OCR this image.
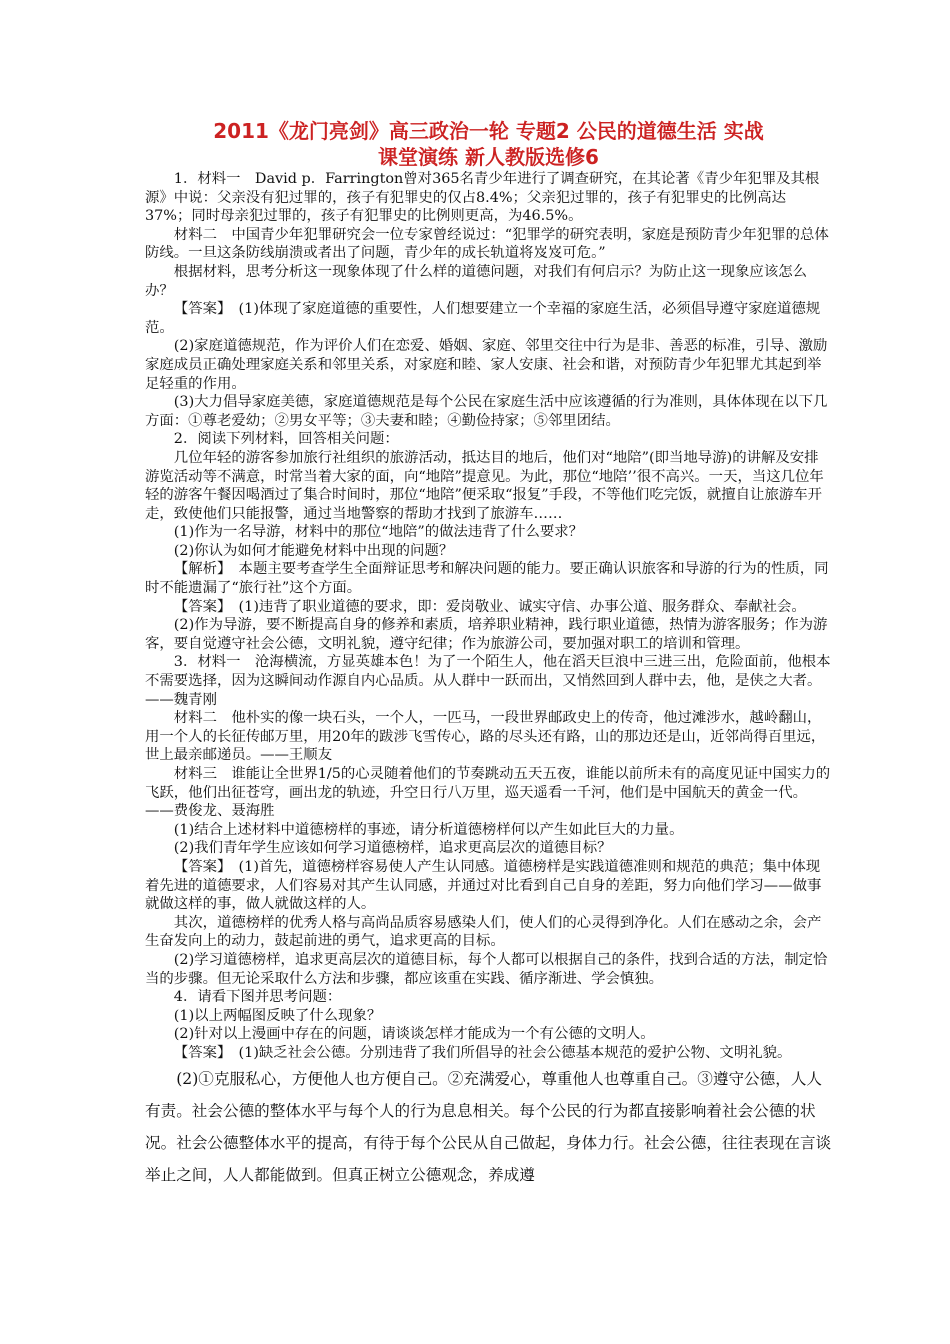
2011《龙门亮剑》高三政治一轮 专题2 公民的道德生活 实战
课堂演练 新人教版选修6

1．材料一　David p．Farrington曾对365名青少年进行了调查研究，在其论著《青少年犯罪及其根源》中说：父亲没有犯过罪的，孩子有犯罪史的仅占8.4%；父亲犯过罪的，孩子有犯罪史的比例高达37%；同时母亲犯过罪的，孩子有犯罪史的比例则更高，为46.5%。

材料二　中国青少年犯罪研究会一位专家曾经说过：“犯罪学的研究表明，家庭是预防青少年犯罪的总体防线。一旦这条防线崩溃或者出了问题，青少年的成长轨道将岌岌可危。”

根据材料，思考分析这一现象体现了什么样的道德问题，对我们有何启示？为防止这一现象应该怎么办？

【答案】　(1)体现了家庭道德的重要性，人们想要建立一个幸福的家庭生活，必须倡导遵守家庭道德规范。

(2)家庭道德规范，作为评价人们在恋爱、婚姻、家庭、邻里交往中行为是非、善恶的标准，引导、激励家庭成员正确处理家庭关系和邻里关系，对家庭和睦、家人安康、社会和谐，对预防青少年犯罪尤其起到举足轻重的作用。

(3)大力倡导家庭美德，家庭道德规范是每个公民在家庭生活中应该遵循的行为准则，具体体现在以下几方面：①尊老爱幼；②男女平等；③夫妻和睦；④勤俭持家；⑤邻里团结。

2．阅读下列材料，回答相关问题：

几位年轻的游客参加旅行社组织的旅游活动，抵达目的地后，他们对“地陪”(即当地导游)的讲解及安排游览活动等不满意，时常当着大家的面，向“地陪”提意见。为此，那位“地陪’’很不高兴。一天，当这几位年轻的游客午餐因喝酒过了集合时间时，那位“地陪”便采取“报复”手段，不等他们吃完饭，就擅自让旅游车开走，致使他们只能报警，通过当地警察的帮助才找到了旅游车……

(1)作为一名导游，材料中的那位“地陪”的做法违背了什么要求？

(2)你认为如何才能避免材料中出现的问题？

【解析】　本题主要考查学生全面辩证思考和解决问题的能力。要正确认识旅客和导游的行为的性质，同时不能遗漏了“旅行社”这个方面。

【答案】　(1)违背了职业道德的要求，即：爱岗敬业、诚实守信、办事公道、服务群众、奉献社会。

(2)作为导游，要不断提高自身的修养和素质，培养职业精神，践行职业道德，热情为游客服务；作为游客，要自觉遵守社会公德，文明礼貌，遵守纪律；作为旅游公司，要加强对职工的培训和管理。

3．材料一　沧海横流，方显英雄本色！为了一个陌生人，他在滔天巨浪中三进三出，危险面前，他根本不需要选择，因为这瞬间动作源自内心品质。从人群中一跃而出，又悄然回到人群中去，他，是侠之大者。——魏青刚

材料二　他朴实的像一块石头，一个人，一匹马，一段世界邮政史上的传奇，他过滩涉水，越岭翻山，用一个人的长征传邮万里，用20年的跋涉飞雪传心，路的尽头还有路，山的那边还是山，近邻尚得百里远，世上最亲邮递员。——王顺友

材料三　谁能让全世界1/5的心灵随着他们的节奏跳动五天五夜，谁能以前所未有的高度见证中国实力的飞跃，他们出征苍穹，画出龙的轨迹，升空日行八万里，巡天遥看一千河，他们是中国航天的黄金一代。——费俊龙、聂海胜

(1)结合上述材料中道德榜样的事迹，请分析道德榜样何以产生如此巨大的力量。

(2)我们青年学生应该如何学习道德榜样，追求更高层次的道德目标？

【答案】　(1)首先，道德榜样容易使人产生认同感。道德榜样是实践道德准则和规范的典范；集中体现着先进的道德要求，人们容易对其产生认同感，并通过对比看到自己自身的差距，努力向他们学习——做事就做这样的事，做人就做这样的人。

其次，道德榜样的优秀人格与高尚品质容易感染人们，使人们的心灵得到净化。人们在感动之余，会产生奋发向上的动力，鼓起前进的勇气，追求更高的目标。

(2)学习道德榜样，追求更高层次的道德目标，每个人都可以根据自己的条件，找到合适的方法，制定恰当的步骤。但无论采取什么方法和步骤，都应该重在实践、循序渐进、学会慎独。

4．请看下图并思考问题：

(1)以上两幅图反映了什么现象？

(2)针对以上漫画中存在的问题，请谈谈怎样才能成为一个有公德的文明人。

【答案】　(1)缺乏社会公德。分别违背了我们所倡导的社会公德基本规范的爱护公物、文明礼貌。

(2)①克服私心，方便他人也方便自己。②充满爱心，尊重他人也尊重自己。③遵守公德，人人有责。社会公德的整体水平与每个人的行为息息相关。每个公民的行为都直接影响着社会公德的状况。社会公德整体水平的提高，有待于每个公民从自己做起，身体力行。社会公德，往往表现在言谈举止之间，人人都能做到。但真正树立公德观念，养成遵
